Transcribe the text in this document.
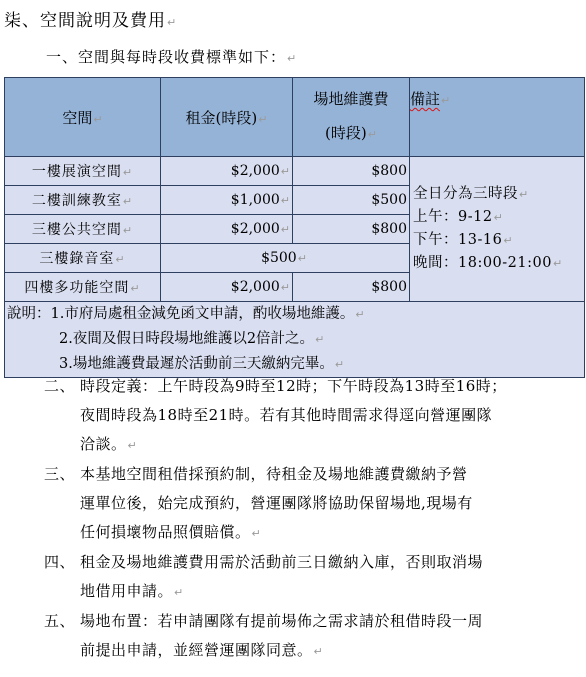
柒、空間說明及費用↵
一、空間與每時段收費標準如下：↵
空間↵	租金(時段)↵	場地維護費
(時段)↵	備註↵
一樓展演空間↵	$2,000↵	$800	全日分為三時段↵
上午：9-12↵
下午：13-16↵
晚間：18:00-21:00↵

二樓訓練教室↵	$1,000↵	$500	
三樓公共空間↵	$2,000↵	$800	
三樓錄音室↵	$500↵		
四樓多功能空間↵	$2,000↵	$800	

說明：1.市府局處租金減免函文申請，酌收場地維護。↵
2.夜間及假日時段場地維護以2倍計之。↵
3.場地維護費最遲於活動前三天繳納完畢。↵			
二、 時段定義：上午時段為9時至12時；下午時段為13時至16時；
夜間時段為18時至21時。若有其他時間需求得逕向營運團隊
洽談。↵
三、 本基地空間租借採預約制，待租金及場地維護費繳納予營
運單位後，始完成預約，營運團隊將協助保留場地,現場有
任何損壞物品照價賠償。↵
四、 租金及場地維護費用需於活動前三日繳納入庫，否則取消場
地借用申請。↵
五、 場地布置：若申請團隊有提前場佈之需求請於租借時段一周
前提出申請，並經營運團隊同意。↵
